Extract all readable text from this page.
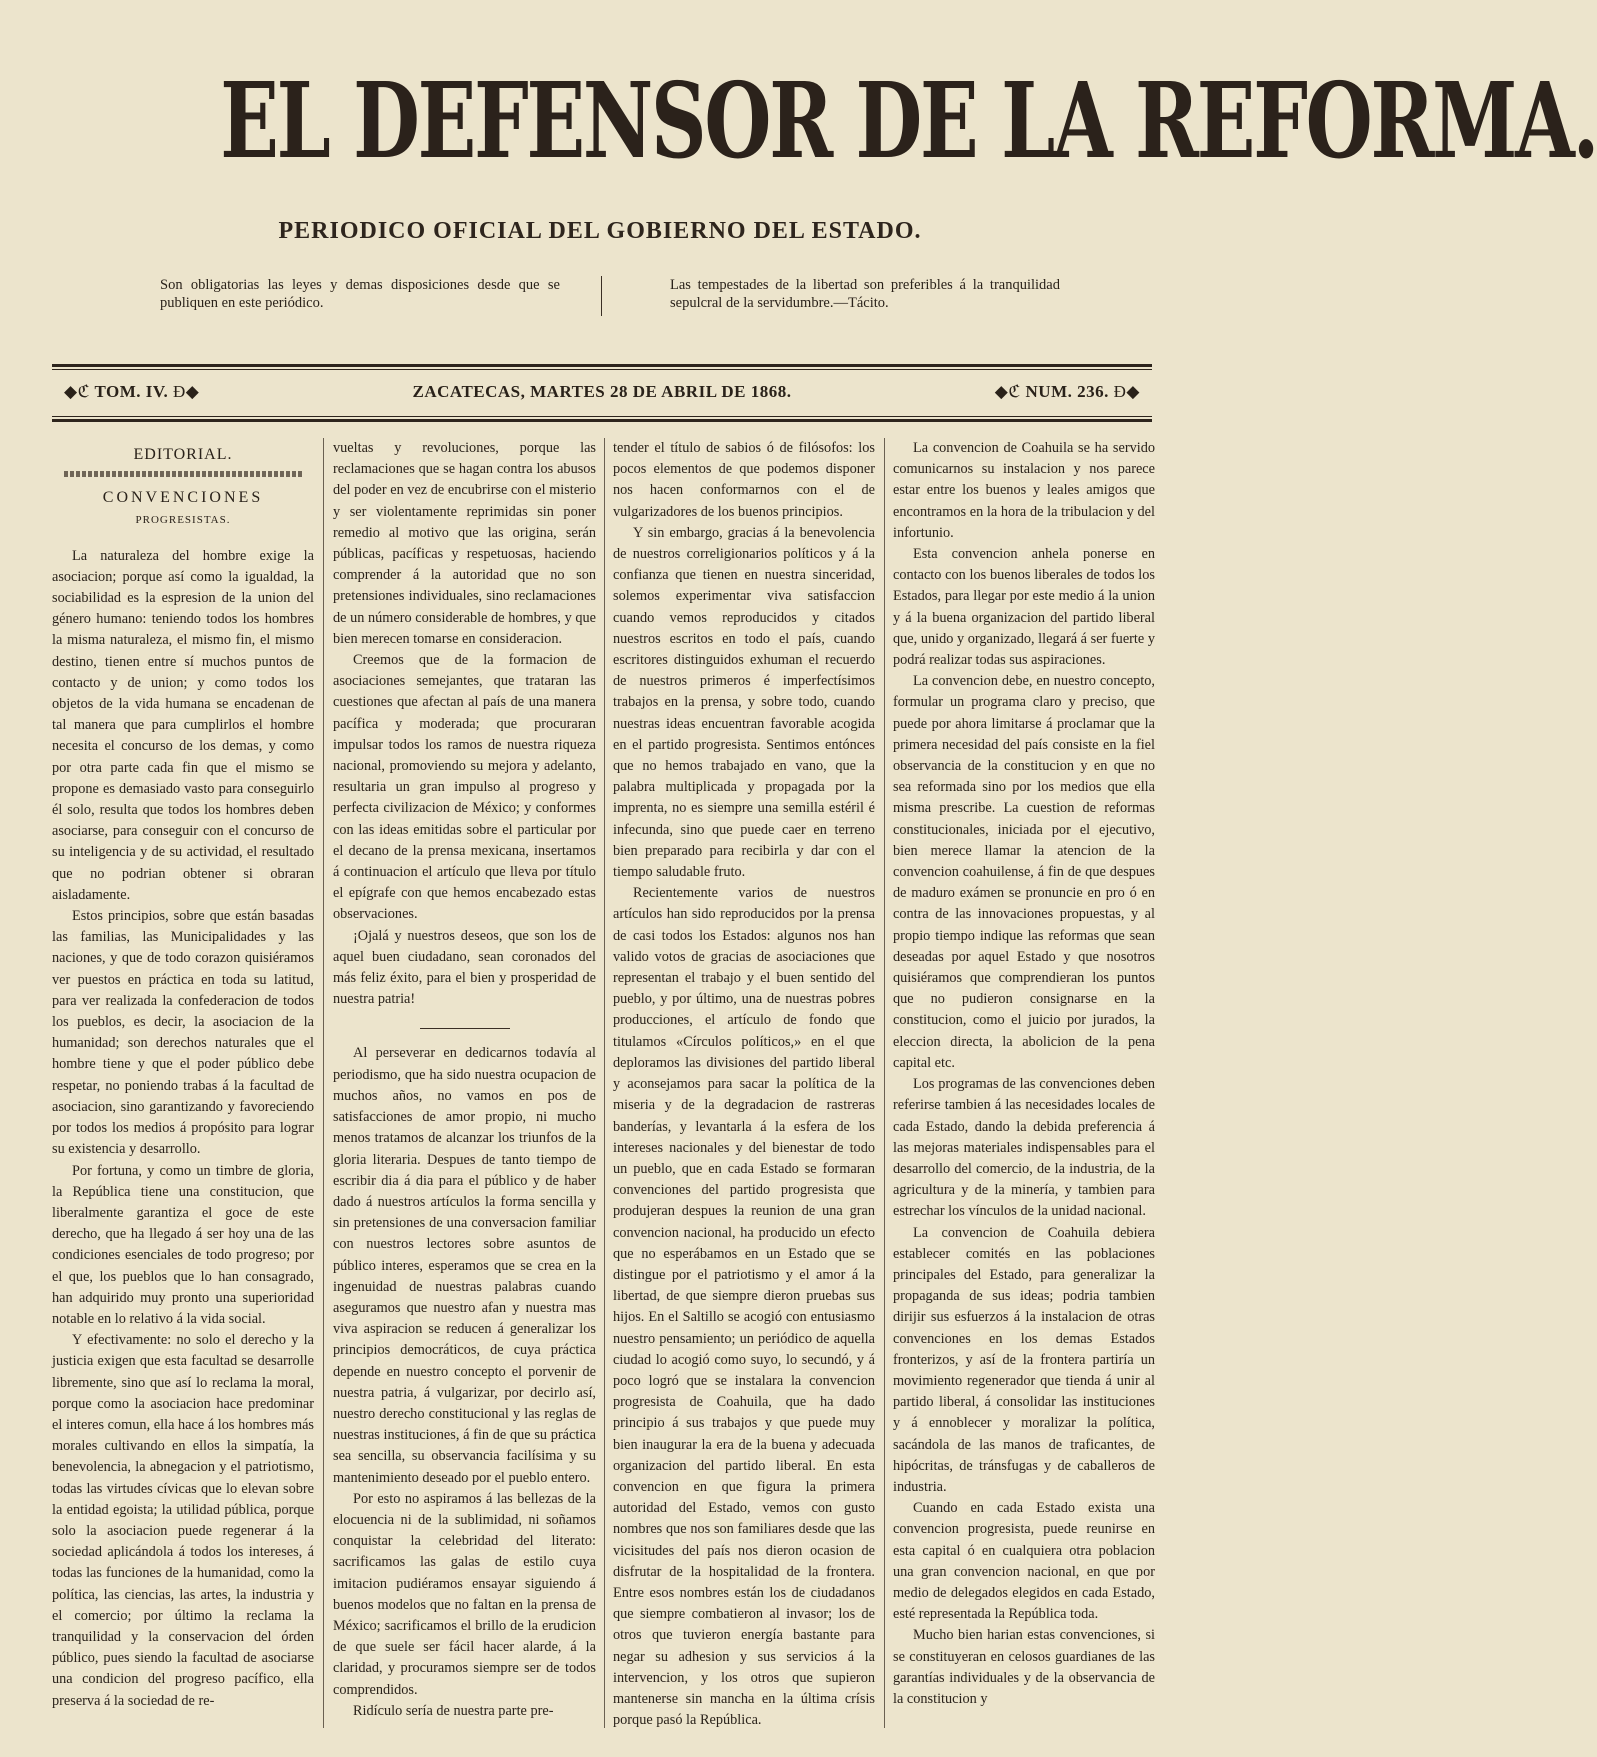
EL DEFENSOR DE LA REFORMA.
PERIODICO OFICIAL DEL GOBIERNO DEL ESTADO.
Son obligatorias las leyes y demas disposiciones desde que se publiquen en este periódico.
Las tempestades de la libertad son preferibles á la tranquilidad sepulcral de la servidumbre.—Tácito.
◆ℭ TOM. IV. Ð◆	ZACATECAS, MARTES 28 DE ABRIL DE 1868.	◆ℭ NUM. 236. Ð◆
EDITORIAL.
CONVENCIONES
PROGRESISTAS.

La naturaleza del hombre exige la asociacion; porque así como la igualdad, la sociabilidad es la espresion de la union del género humano: teniendo todos los hombres la misma naturaleza, el mismo fin, el mismo destino, tienen entre sí muchos puntos de contacto y de union; y como todos los objetos de la vida humana se encadenan de tal manera que para cumplirlos el hombre necesita el concurso de los demas, y como por otra parte cada fin que el mismo se propone es demasiado vasto para conseguirlo él solo, resulta que todos los hombres deben asociarse, para conseguir con el concurso de su inteligencia y de su actividad, el resultado que no podrian obtener si obraran aisladamente.

Estos principios, sobre que están basadas las familias, las Municipalidades y las naciones, y que de todo corazon quisiéramos ver puestos en práctica en toda su latitud, para ver realizada la confederacion de todos los pueblos, es decir, la asociacion de la humanidad; son derechos naturales que el hombre tiene y que el poder público debe respetar, no poniendo trabas á la facultad de asociacion, sino garantizando y favoreciendo por todos los medios á propósito para lograr su existencia y desarrollo.

Por fortuna, y como un timbre de gloria, la República tiene una constitucion, que liberalmente garantiza el goce de este derecho, que ha llegado á ser hoy una de las condiciones esenciales de todo progreso; por el que, los pueblos que lo han consagrado, han adquirido muy pronto una superioridad notable en lo relativo á la vida social.

Y efectivamente: no solo el derecho y la justicia exigen que esta facultad se desarrolle libremente, sino que así lo reclama la moral, porque como la asociacion hace predominar el interes comun, ella hace á los hombres más morales cultivando en ellos la simpatía, la benevolencia, la abnegacion y el patriotismo, todas las virtudes cívicas que lo elevan sobre la entidad egoista; la utilidad pública, porque solo la asociacion puede regenerar á la sociedad aplicándola á todos los intereses, á todas las funciones de la humanidad, como la política, las ciencias, las artes, la industria y el comercio; por último la reclama la tranquilidad y la conservacion del órden público, pues siendo la facultad de asociarse una condicion del progreso pacífico, ella preserva á la sociedad de re-

vueltas y revoluciones, porque las reclamaciones que se hagan contra los abusos del poder en vez de encubrirse con el misterio y ser violentamente reprimidas sin poner remedio al motivo que las origina, serán públicas, pacíficas y respetuosas, haciendo comprender á la autoridad que no son pretensiones individuales, sino reclamaciones de un número considerable de hombres, y que bien merecen tomarse en consideracion.

Creemos que de la formacion de asociaciones semejantes, que trataran las cuestiones que afectan al país de una manera pacífica y moderada; que procuraran impulsar todos los ramos de nuestra riqueza nacional, promoviendo su mejora y adelanto, resultaria un gran impulso al progreso y perfecta civilizacion de México; y conformes con las ideas emitidas sobre el particular por el decano de la prensa mexicana, insertamos á continuacion el artículo que lleva por título el epígrafe con que hemos encabezado estas observaciones.

¡Ojalá y nuestros deseos, que son los de aquel buen ciudadano, sean coronados del más feliz éxito, para el bien y prosperidad de nuestra patria!

Al perseverar en dedicarnos todavía al periodismo, que ha sido nuestra ocupacion de muchos años, no vamos en pos de satisfacciones de amor propio, ni mucho menos tratamos de alcanzar los triunfos de la gloria literaria. Despues de tanto tiempo de escribir dia á dia para el público y de haber dado á nuestros artículos la forma sencilla y sin pretensiones de una conversacion familiar con nuestros lectores sobre asuntos de público interes, esperamos que se crea en la ingenuidad de nuestras palabras cuando aseguramos que nuestro afan y nuestra mas viva aspiracion se reducen á generalizar los principios democráticos, de cuya práctica depende en nuestro concepto el porvenir de nuestra patria, á vulgarizar, por decirlo así, nuestro derecho constitucional y las reglas de nuestras instituciones, á fin de que su práctica sea sencilla, su observancia facilísima y su mantenimiento deseado por el pueblo entero.

Por esto no aspiramos á las bellezas de la elocuencia ni de la sublimidad, ni soñamos conquistar la celebridad del literato: sacrificamos las galas de estilo cuya imitacion pudiéramos ensayar siguiendo á buenos modelos que no faltan en la prensa de México; sacrificamos el brillo de la erudicion de que suele ser fácil hacer alarde, á la claridad, y procuramos siempre ser de todos comprendidos.

Ridículo sería de nuestra parte pre-

tender el título de sabios ó de filósofos: los pocos elementos de que podemos disponer nos hacen conformarnos con el de vulgarizadores de los buenos principios.

Y sin embargo, gracias á la benevolencia de nuestros correligionarios políticos y á la confianza que tienen en nuestra sinceridad, solemos experimentar viva satisfaccion cuando vemos reproducidos y citados nuestros escritos en todo el país, cuando escritores distinguidos exhuman el recuerdo de nuestros primeros é imperfectísimos trabajos en la prensa, y sobre todo, cuando nuestras ideas encuentran favorable acogida en el partido progresista. Sentimos entónces que no hemos trabajado en vano, que la palabra multiplicada y propagada por la imprenta, no es siempre una semilla estéril é infecunda, sino que puede caer en terreno bien preparado para recibirla y dar con el tiempo saludable fruto.

Recientemente varios de nuestros artículos han sido reproducidos por la prensa de casi todos los Estados: algunos nos han valido votos de gracias de asociaciones que representan el trabajo y el buen sentido del pueblo, y por último, una de nuestras pobres producciones, el artículo de fondo que titulamos «Círculos políticos,» en el que deploramos las divisiones del partido liberal y aconsejamos para sacar la política de la miseria y de la degradacion de rastreras banderías, y levantarla á la esfera de los intereses nacionales y del bienestar de todo un pueblo, que en cada Estado se formaran convenciones del partido progresista que produjeran despues la reunion de una gran convencion nacional, ha producido un efecto que no esperábamos en un Estado que se distingue por el patriotismo y el amor á la libertad, de que siempre dieron pruebas sus hijos. En el Saltillo se acogió con entusiasmo nuestro pensamiento; un periódico de aquella ciudad lo acogió como suyo, lo secundó, y á poco logró que se instalara la convencion progresista de Coahuila, que ha dado principio á sus trabajos y que puede muy bien inaugurar la era de la buena y adecuada organizacion del partido liberal. En esta convencion en que figura la primera autoridad del Estado, vemos con gusto nombres que nos son familiares desde que las vicisitudes del país nos dieron ocasion de disfrutar de la hospitalidad de la frontera. Entre esos nombres están los de ciudadanos que siempre combatieron al invasor; los de otros que tuvieron energía bastante para negar su adhesion y sus servicios á la intervencion, y los otros que supieron mantenerse sin mancha en la última crísis porque pasó la República.

La convencion de Coahuila se ha servido comunicarnos su instalacion y nos parece estar entre los buenos y leales amigos que encontramos en la hora de la tribulacion y del infortunio.

Esta convencion anhela ponerse en contacto con los buenos liberales de todos los Estados, para llegar por este medio á la union y á la buena organizacion del partido liberal que, unido y organizado, llegará á ser fuerte y podrá realizar todas sus aspiraciones.

La convencion debe, en nuestro concepto, formular un programa claro y preciso, que puede por ahora limitarse á proclamar que la primera necesidad del país consiste en la fiel observancia de la constitucion y en que no sea reformada sino por los medios que ella misma prescribe. La cuestion de reformas constitucionales, iniciada por el ejecutivo, bien merece llamar la atencion de la convencion coahuilense, á fin de que despues de maduro exámen se pronuncie en pro ó en contra de las innovaciones propuestas, y al propio tiempo indique las reformas que sean deseadas por aquel Estado y que nosotros quisiéramos que comprendieran los puntos que no pudieron consignarse en la constitucion, como el juicio por jurados, la eleccion directa, la abolicion de la pena capital etc.

Los programas de las convenciones deben referirse tambien á las necesidades locales de cada Estado, dando la debida preferencia á las mejoras materiales indispensables para el desarrollo del comercio, de la industria, de la agricultura y de la minería, y tambien para estrechar los vínculos de la unidad nacional.

La convencion de Coahuila debiera establecer comités en las poblaciones principales del Estado, para generalizar la propaganda de sus ideas; podria tambien dirijir sus esfuerzos á la instalacion de otras convenciones en los demas Estados fronterizos, y así de la frontera partiría un movimiento regenerador que tienda á unir al partido liberal, á consolidar las instituciones y á ennoblecer y moralizar la política, sacándola de las manos de traficantes, de hipócritas, de tránsfugas y de caballeros de industria.

Cuando en cada Estado exista una convencion progresista, puede reunirse en esta capital ó en cualquiera otra poblacion una gran convencion nacional, en que por medio de delegados elegidos en cada Estado, esté representada la República toda.

Mucho bien harian estas convenciones, si se constituyeran en celosos guardianes de las garantías individuales y de la observancia de la constitucion y
